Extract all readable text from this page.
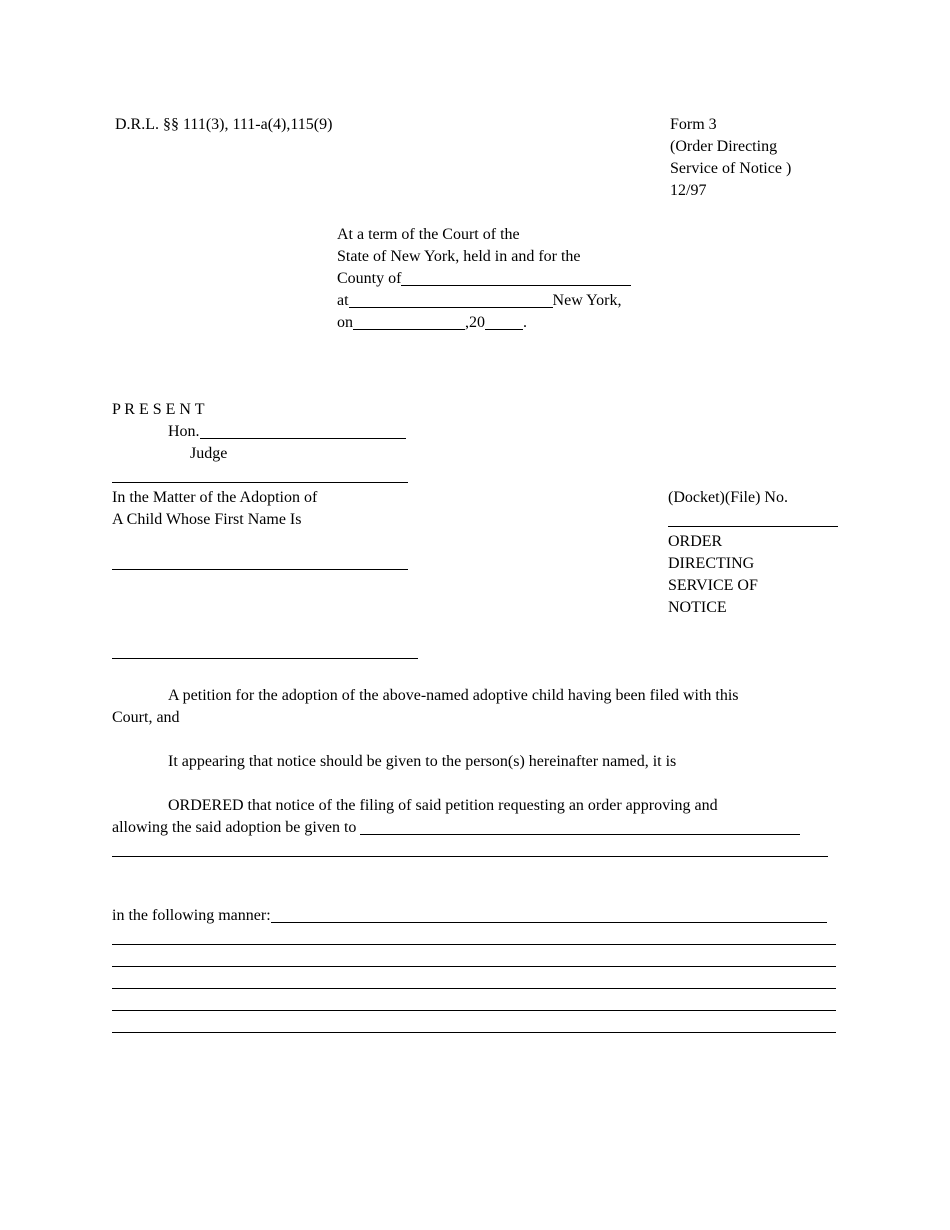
D.R.L. §§ 111(3), 111-a(4),115(9)	Form 3
(Order Directing
Service of Notice )
12/97
At a term of the Court of the
State of New York, held in and for the
County of
at	New York,
on	,20 .
P R E S E N T
Hon.
Judge
In the Matter of the Adoption of
A Child Whose First Name Is
(Docket)(File) No.
ORDER
DIRECTING
SERVICE OF
NOTICE
A petition for the adoption of the above-named adoptive child having been filed with this
Court, and
It appearing that notice should be given to the person(s) hereinafter named, it is
ORDERED that notice of the filing of said petition requesting an order approving and
allowing the said adoption be given to
in the following manner:
